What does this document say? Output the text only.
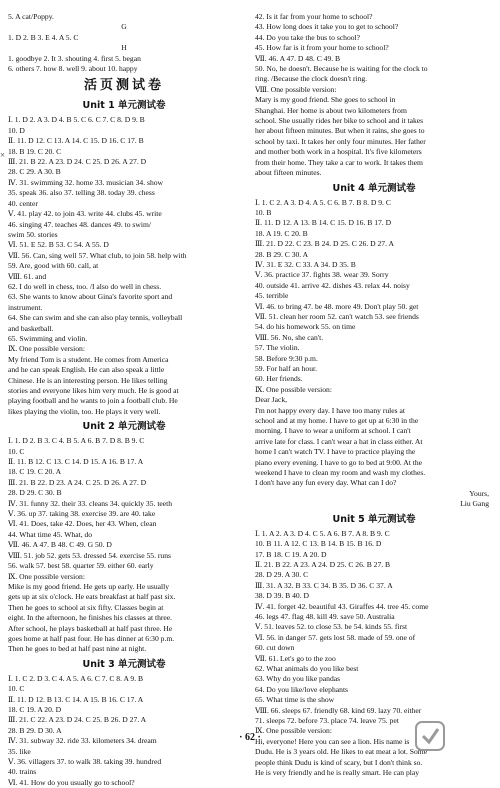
×
5. A cat/Poppy.
G
1. D 2. B 3. E 4. A 5. C
H
1. goodbye 2. It 3. shouting 4. first 5. began
6. others 7. how 8. well 9. about 10. happy
活页测试卷
Unit 1 单元测试卷
Ⅰ. 1. D 2. A 3. D 4. B 5. C 6. C 7. C 8. D 9. B
10. D
Ⅱ. 11. D 12. C 13. A 14. C 15. D 16. C 17. B
18. B 19. C 20. C
Ⅲ. 21. B 22. A 23. D 24. C 25. D 26. A 27. D
28. C 29. A 30. B
Ⅳ. 31. swimming 32. home 33. musician 34. show
35. speak 36. also 37. telling 38. today 39. chess
40. center
Ⅴ. 41. play 42. to join 43. write 44. clubs 45. write
46. singing 47. teaches 48. dances 49. to swim/
swim 50. stories
Ⅵ. 51. E 52. B 53. C 54. A 55. D
Ⅶ. 56. Can, sing well 57. What club, to join 58. help with
59. Are, good with 60. call, at
Ⅷ. 61. and
62. I do well in chess, too. /I also do well in chess.
63. She wants to know about Gina's favorite sport and
instrument.
64. She can swim and she can also play tennis, volleyball
and basketball.
65. Swimming and violin.
Ⅸ. One possible version:
My friend Tom is a student. He comes from America
and he can speak English. He can also speak a little
Chinese. He is an interesting person. He likes telling
stories and everyone likes him very much. He is good at
playing football and he wants to join a football club. He
likes playing the violin, too. He plays it very well.
Unit 2 单元测试卷
Ⅰ. 1. D 2. B 3. C 4. B 5. A 6. B 7. D 8. B 9. C
10. C
Ⅱ. 11. B 12. C 13. C 14. D 15. A 16. B 17. A
18. C 19. C 20. A
Ⅲ. 21. B 22. D 23. A 24. C 25. D 26. A 27. D
28. D 29. C 30. B
Ⅳ. 31. funny 32. their 33. cleans 34. quickly 35. teeth
Ⅴ. 36. up 37. taking 38. exercise 39. are 40. take
Ⅵ. 41. Does, take 42. Does, her 43. When, clean
44. What time 45. What, do
Ⅶ. 46. A 47. B 48. C 49. G 50. D
Ⅷ. 51. job 52. gets 53. dressed 54. exercise 55. runs
56. walk 57. best 58. quarter 59. either 60. early
Ⅸ. One possible version:
Mike is my good friend. He gets up early. He usually
gets up at six o'clock. He eats breakfast at half past six.
Then he goes to school at six fifty. Classes begin at
eight. In the afternoon, he finishes his classes at three.
After school, he plays basketball at half past three. He
goes home at half past four. He has dinner at 6:30 p.m.
Then he goes to bed at half past nine at night.
Unit 3 单元测试卷
Ⅰ. 1. C 2. D 3. C 4. A 5. A 6. C 7. C 8. A 9. B
10. C
Ⅱ. 11. D 12. B 13. C 14. A 15. B 16. C 17. A
18. C 19. A 20. D
Ⅲ. 21. C 22. A 23. D 24. C 25. B 26. D 27. A
28. B 29. D 30. A
Ⅳ. 31. subway 32. ride 33. kilometers 34. dream
35. like
Ⅴ. 36. villagers 37. to walk 38. taking 39. hundred
40. trains
Ⅵ. 41. How do you usually go to school?
42. Is it far from your home to school?
43. How long does it take you to get to school?
44. Do you take the bus to school?
45. How far is it from your home to school?
Ⅶ. 46. A 47. D 48. C 49. B
50. No, he doesn't. Because he is waiting for the clock to
ring. /Because the clock doesn't ring.
Ⅷ. One possible version:
Mary is my good friend. She goes to school in
Shanghai. Her home is about two kilometers from
school. She usually rides her bike to school and it takes
her about fifteen minutes. But when it rains, she goes to
school by taxi. It takes her only four minutes. Her father
and mother both work in a hospital. It's five kilometers
from their home. They take a car to work. It takes them
about fifteen minutes.
Unit 4 单元测试卷
Ⅰ. 1. C 2. A 3. D 4. A 5. C 6. B 7. B 8. D 9. C
10. B
Ⅱ. 11. D 12. A 13. B 14. C 15. D 16. B 17. D
18. A 19. C 20. B
Ⅲ. 21. D 22. C 23. B 24. D 25. C 26. D 27. A
28. B 29. C 30. A
Ⅳ. 31. E 32. C 33. A 34. D 35. B
Ⅴ. 36. practice 37. fights 38. wear 39. Sorry
40. outside 41. arrive 42. dishes 43. relax 44. noisy
45. terrible
Ⅵ. 46. to bring 47. be 48. more 49. Don't play 50. get
Ⅶ. 51. clean her room 52. can't watch 53. see friends
54. do his homework 55. on time
Ⅷ. 56. No, she can't.
57. The violin.
58. Before 9:30 p.m.
59. For half an hour.
60. Her friends.
Ⅸ. One possible version:
Dear Jack,
I'm not happy every day. I have too many rules at
school and at my home. I have to get up at 6:30 in the
morning. I have to wear a uniform at school. I can't
arrive late for class. I can't wear a hat in class either. At
home I can't watch TV. I have to practice playing the
piano every evening. I have to go to bed at 9:00. At the
weekend I have to clean my room and wash my clothes.
I don't have any fun every day. What can I do?
Yours,
Liu Gang
Unit 5 单元测试卷
Ⅰ. 1. A 2. A 3. D 4. C 5. A 6. B 7. A 8. B 9. C
10. B 11. A 12. C 13. B 14. B 15. B 16. D
17. B 18. C 19. A 20. D
Ⅱ. 21. B 22. A 23. A 24. D 25. C 26. B 27. B
28. D 29. A 30. C
Ⅲ. 31. A 32. B 33. C 34. B 35. D 36. C 37. A
38. D 39. B 40. D
Ⅳ. 41. forget 42. beautiful 43. Giraffes 44. tree 45. come
46. legs 47. flag 48. kill 49. save 50. Australia
Ⅴ. 51. leaves 52. to close 53. be 54. kinds 55. first
Ⅵ. 56. in danger 57. gets lost 58. made of 59. one of
60. cut down
Ⅶ. 61. Let's go to the zoo
62. What animals do you like best
63. Why do you like pandas
64. Do you like/love elephants
65. What time is the show
Ⅷ. 66. sleeps 67. friendly 68. kind 69. lazy 70. either
71. sleeps 72. before 73. place 74. leave 75. pet
Ⅸ. One possible version:
Hi, everyone! Here you can see a lion. His name is
Dudu. He is 3 years old. He likes to eat meat a lot. Some
people think Dudu is kind of scary, but I don't think so.
He is very friendly and he is really smart. He can play
· 62 ·
